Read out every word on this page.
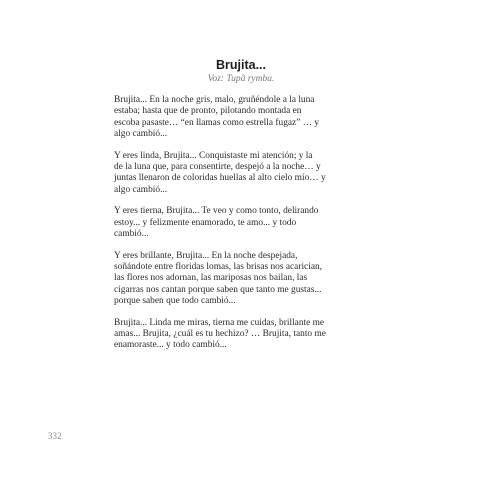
Brujita...
Voz: Tupã rymba.
Brujita... En la noche gris, malo, gruñéndole a la luna
estaba; hasta que de pronto, pilotando montada en
escoba pasaste… “en llamas como estrella fugaz” … y
algo cambió...
Y eres linda, Brujita... Conquistaste mi atención; y la
de la luna que, para consentirte, despejó a la noche… y
juntas llenaron de coloridas huellas al alto cielo mío… y
algo cambió...
Y eres tierna, Brujita... Te veo y como tonto, delirando
estoy... y felizmente enamorado, te amo... y todo
cambió...
Y eres brillante, Brujita... En la noche despejada,
soñándote entre floridas lomas, las brisas nos acarician,
las flores nos adornan, las mariposas nos bailan, las
cigarras nos cantan porque saben que tanto me gustas...
porque saben que todo cambió...
Brujita... Linda me miras, tierna me cuidas, brillante me
amas... Brujita, ¿cuál es tu hechizo? … Brujita, tanto me
enamoraste... y todo cambió...
332
